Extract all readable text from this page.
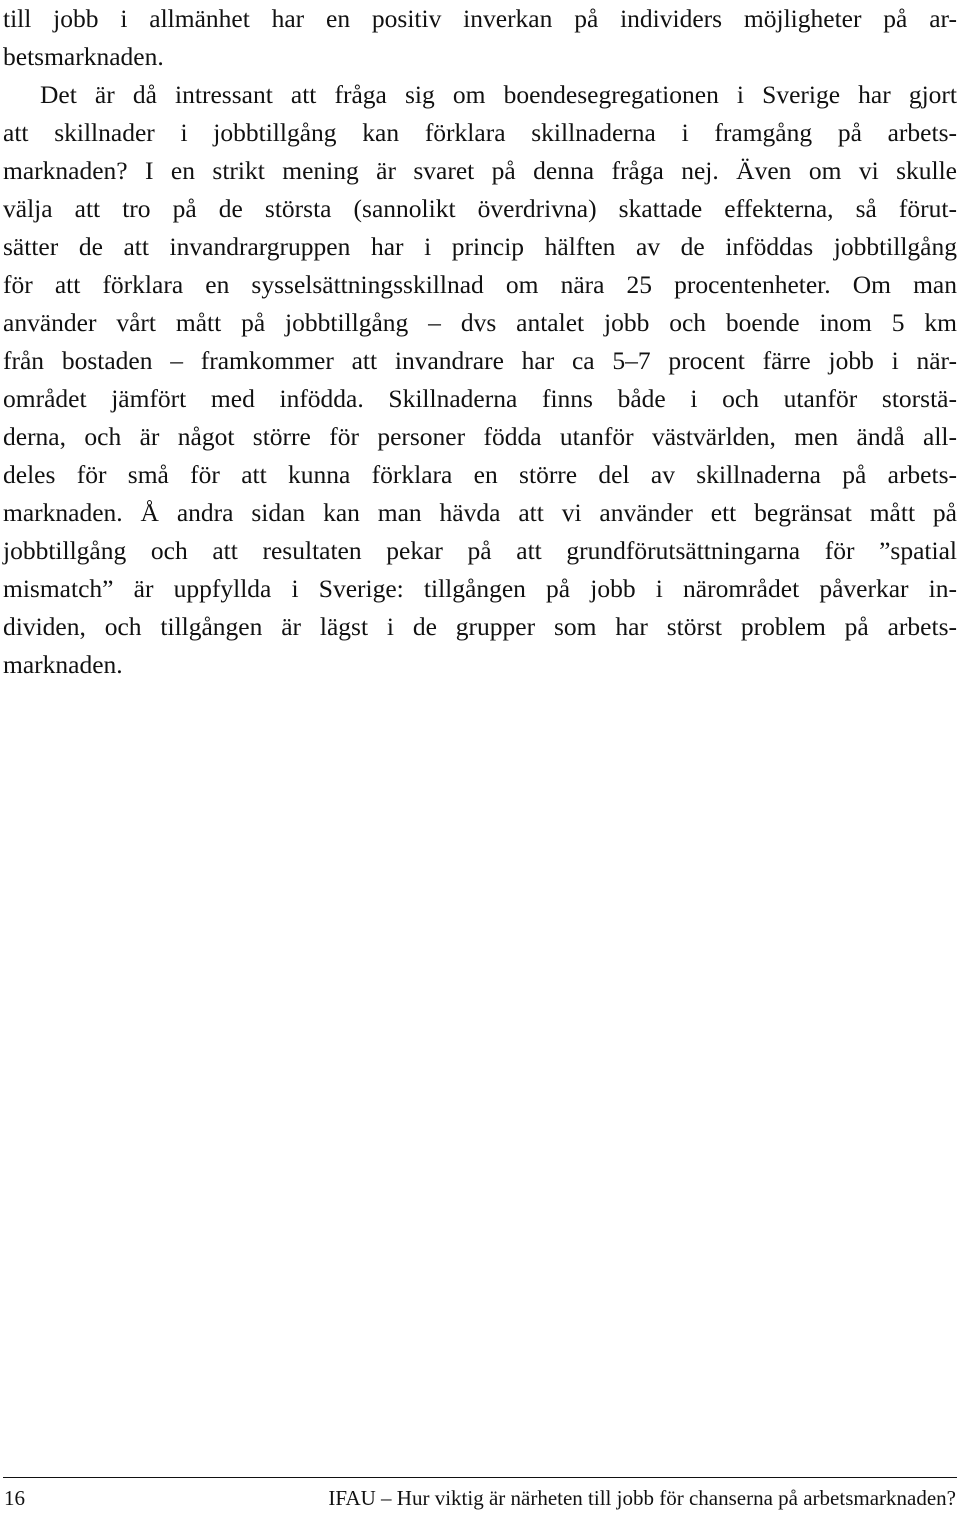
till jobb i allmänhet har en positiv inverkan på individers möjligheter på ar-
betsmarknaden.
Det är då intressant att fråga sig om boendesegregationen i Sverige har gjort
att skillnader i jobbtillgång kan förklara skillnaderna i framgång på arbets-
marknaden? I en strikt mening är svaret på denna fråga nej. Även om vi skulle
välja att tro på de största (sannolikt överdrivna) skattade effekterna, så förut-
sätter de att invandrargruppen har i princip hälften av de inföddas jobbtillgång
för att förklara en sysselsättningsskillnad om nära 25 procentenheter. Om man
använder vårt mått på jobbtillgång – dvs antalet jobb och boende inom 5 km
från bostaden – framkommer att invandrare har ca 5–7 procent färre jobb i när-
området jämfört med infödda. Skillnaderna finns både i och utanför storstä-
derna, och är något större för personer födda utanför västvärlden, men ändå all-
deles för små för att kunna förklara en större del av skillnaderna på arbets-
marknaden. Å andra sidan kan man hävda att vi använder ett begränsat mått på
jobbtillgång och att resultaten pekar på att grundförutsättningarna för ”spatial
mismatch” är uppfyllda i Sverige: tillgången på jobb i närområdet påverkar in-
dividen, och tillgången är lägst i de grupper som har störst problem på arbets-
marknaden.
16	IFAU – Hur viktig är närheten till jobb för chanserna på arbetsmarknaden?
